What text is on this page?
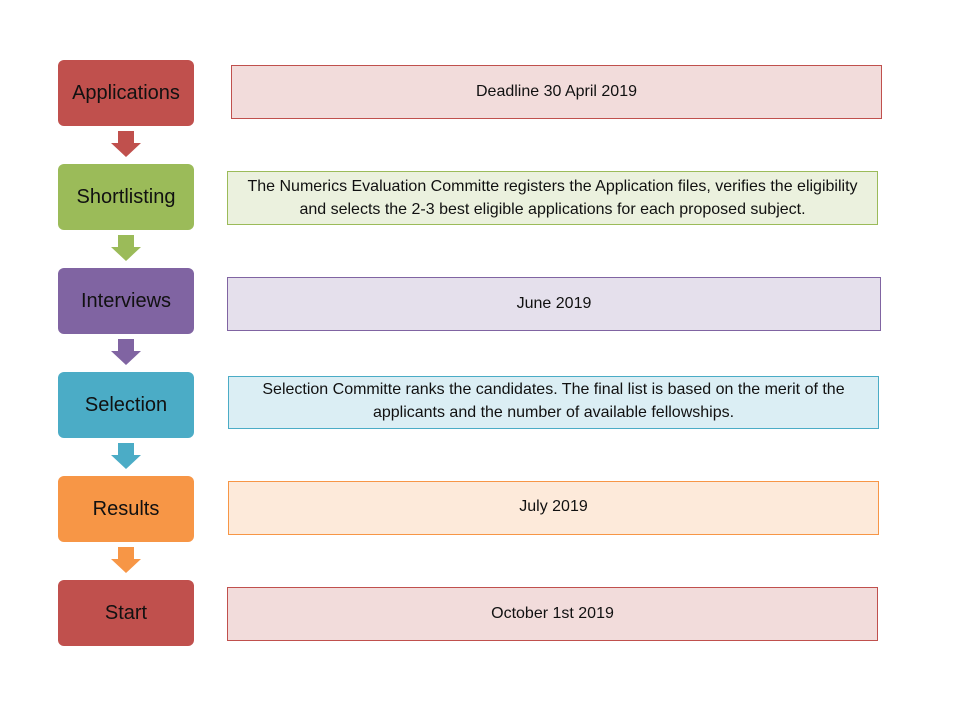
Applications
Shortlisting
Interviews
Selection
Results
Start
Deadline 30 April 2019
The Numerics Evaluation Committe registers the Application files, verifies the eligibility and selects the 2-3 best eligible applications for each proposed subject.
June 2019
Selection Committe ranks the candidates. The final list is based on the merit of the applicants and the number of available fellowships.
July 2019
October 1st 2019
